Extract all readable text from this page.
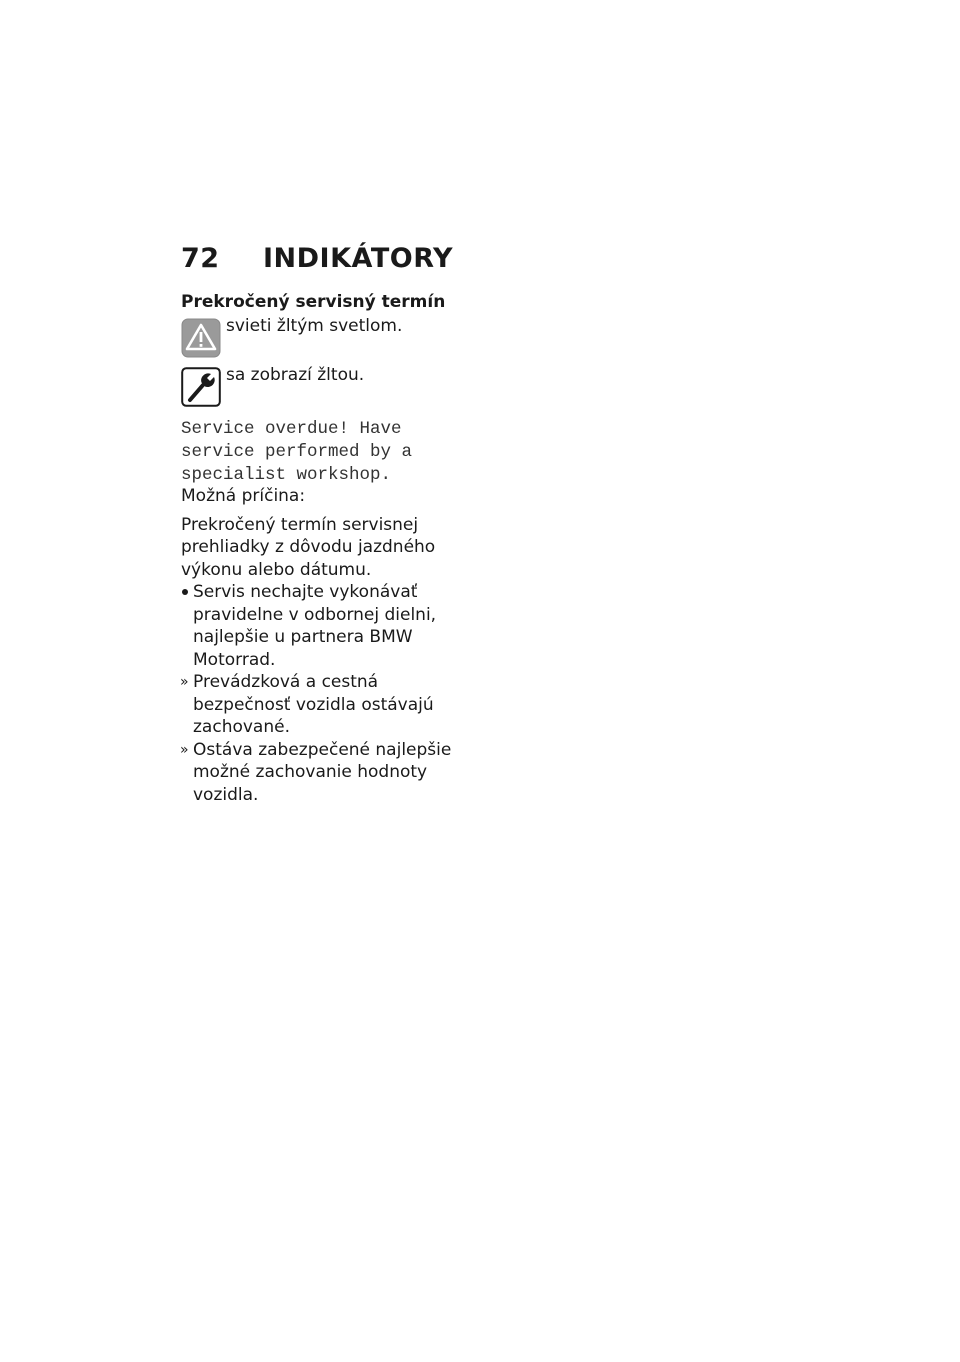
72	INDIKÁTORY
Prekročený servisný termín
svieti žltým svetlom.
sa zobrazí žltou.
Service overdue! Have
service performed by a
specialist workshop.

Možná príčina:

Prekročený termín servisnej prehliadky z dôvodu jazdného výkonu alebo dátumu.

Servis nechajte vykonávať pravidelne v odbornej dielni, najlepšie u partnera BMW Motorrad.
» Prevádzková a cestná bezpečnosť vozidla ostávajú zachované.
» Ostáva zabezpečené najlepšie možné zachovanie hodnoty vozidla.
